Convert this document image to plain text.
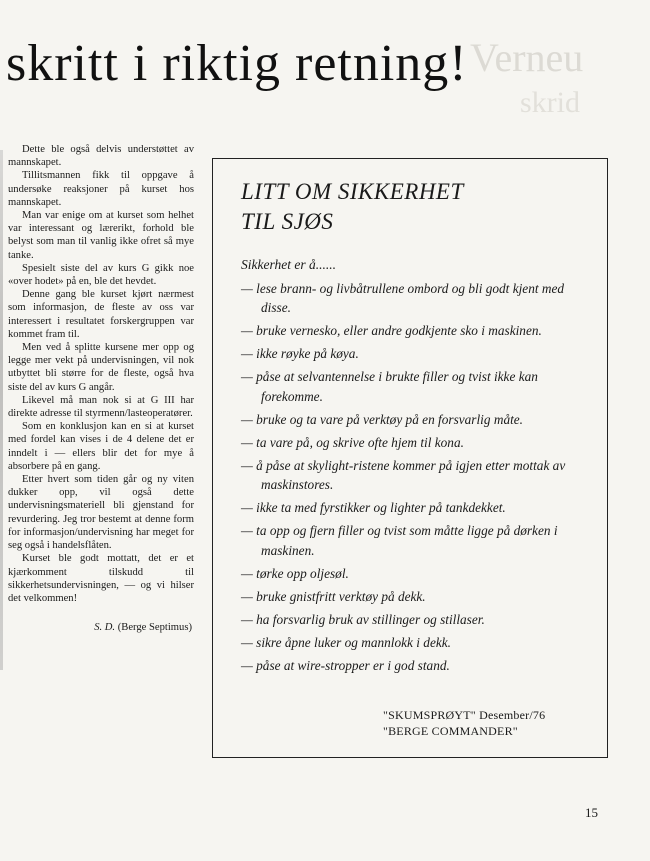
Verneu
skrid
skritt i riktig retning!

Dette ble også delvis understøttet av mannskapet.

Tillitsmannen fikk til oppgave å undersøke reaksjoner på kurset hos mannskapet.

Man var enige om at kurset som helhet var interessant og lærerikt, forhold ble belyst som man til vanlig ikke ofret så mye tanke.

Spesielt siste del av kurs G gikk noe «over hodet» på en, ble det hevdet.

Denne gang ble kurset kjørt nærmest som informasjon, de fleste av oss var interessert i resultatet forskergruppen var kommet fram til.

Men ved å splitte kursene mer opp og legge mer vekt på undervisningen, vil nok utbyttet bli større for de fleste, også hva siste del av kurs G angår.

Likevel må man nok si at G III har direkte adresse til styrmenn/lasteoperatører.

Som en konklusjon kan en si at kurset med fordel kan vises i de 4 delene det er inndelt i — ellers blir det for mye å absorbere på en gang.

Etter hvert som tiden går og ny viten dukker opp, vil også dette undervisningsmateriell bli gjenstand for revurdering. Jeg tror bestemt at denne form for informasjon/undervisning har meget for seg også i handelsflåten.

Kurset ble godt mottatt, det er et kjærkomment tilskudd til sikkerhetsundervisningen, — og vi hilser det velkommen!

S. D. (Berge Septimus)

LITT OM SIKKERHET
TIL SJØS
Sikkerhet er å......
— lese brann- og livbåtrullene ombord og bli godt kjent med disse.
— bruke vernesko, eller andre godkjente sko i maskinen.
— ikke røyke på køya.
— påse at selvantennelse i brukte filler og tvist ikke kan forekomme.
— bruke og ta vare på verktøy på en forsvarlig måte.
— ta vare på, og skrive ofte hjem til kona.
— å påse at skylight-ristene kommer på igjen etter mottak av maskinstores.
— ikke ta med fyrstikker og lighter på tankdekket.
— ta opp og fjern filler og tvist som måtte ligge på dørken i maskinen.
— tørke opp oljesøl.
— bruke gnistfritt verktøy på dekk.
— ha forsvarlig bruk av stillinger og stillaser.
— sikre åpne luker og mannlokk i dekk.
— påse at wire-stropper er i god stand.
"SKUMSPRØYT" Desember/76
"BERGE COMMANDER"
15
